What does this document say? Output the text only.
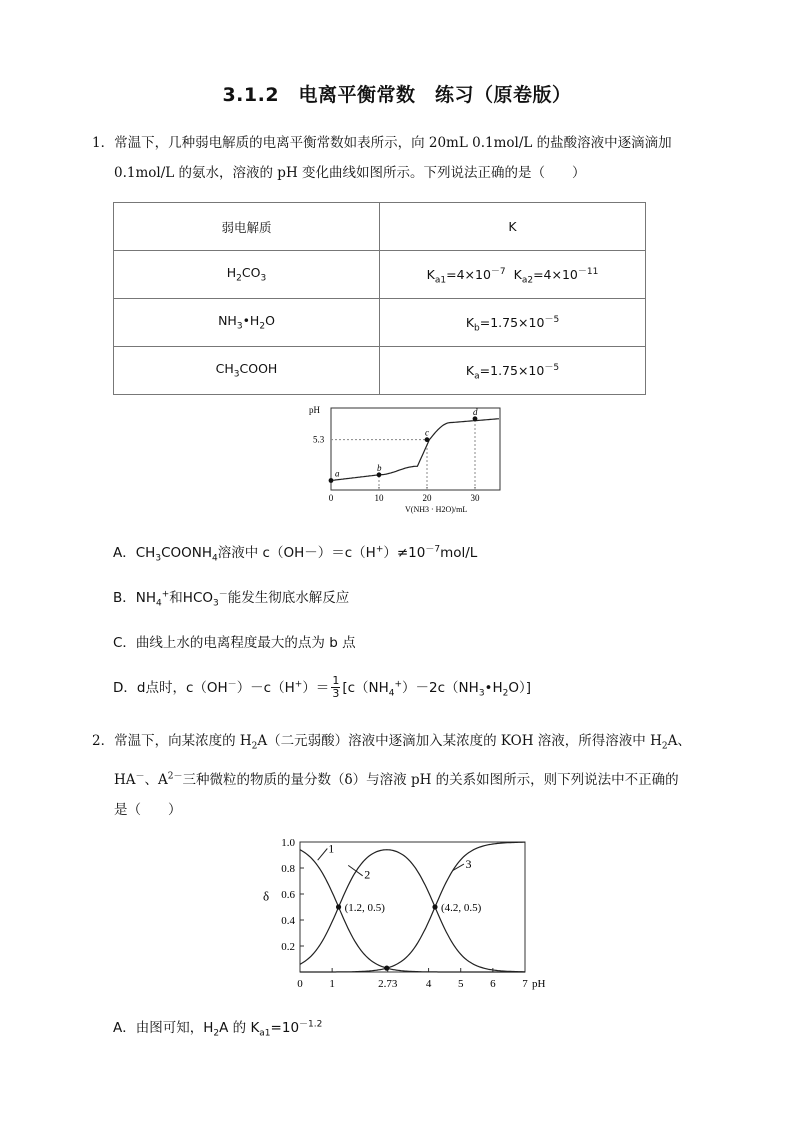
3.1.2　电离平衡常数　练习（原卷版）
1．常温下，几种弱电解质的电离平衡常数如表所示，向 20mL 0.1mol/L 的盐酸溶液中逐滴滴加
0.1mol/L 的氨水，溶液的 pH 变化曲线如图所示。下列说法正确的是（　　）
弱电解质	K
$H_2CO_3$	$K_{a1}=4\times 10^{-7}$  $K_{a2}=4\times 10^{-11}$
$NH_3•H_2O$	$K_b=1.75\times 10^{-5}$
$CH_3COOH$	$K_a=1.75\times 10^{-5}$
pH
V(NH3 · H2O)/mL
0	10	20	30
5.3
a
b
c
d
A．$CH_3COONH_4$溶液中 $c(OH-)=c(H^+)\ne 10^{-7}mol/L$
B．$NH_4^+$和$HCO_3^-$能发生彻底水解反应
C．曲线上水的电离程度最大的点为 b 点
D．d点时，$c(OH^-)-c(H^+)= \frac{1}{3}$ $[c(NH_4^+)-2c(NH_3•H_2O)]$
2．常温下，向某浓度的 $H_2A$（二元弱酸）溶液中逐滴加入某浓度的 KOH 溶液，所得溶液中 $H_2A$、
HA－、$A^{2-}$三种微粒的物质的量分数（δ）与溶液 pH 的关系如图所示，则下列说法中不正确的
是（　　）
0.2
0.4
0.6
0.8
1.0
0 1	2.73	4 5 6 7
δ
pH
(1.2, 0.5)	(4.2, 0.5)
1
2
3
A．由图可知，$H_2A$ 的 $K_{a1}=10^{-1.2}$
